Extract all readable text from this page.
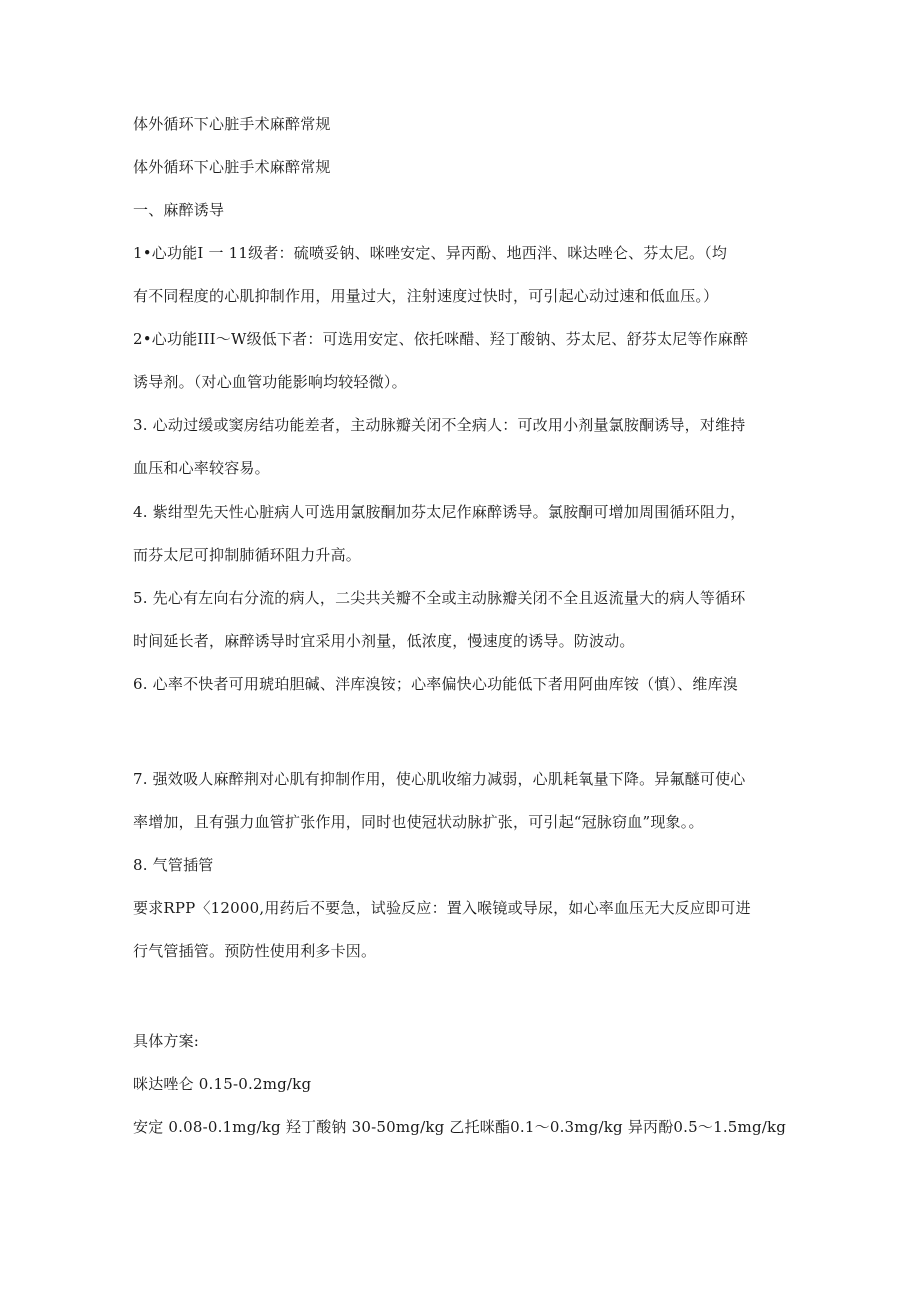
体外循环下心脏手术麻醉常规
体外循环下心脏手术麻醉常规
一、麻醉诱导
1•心功能I 一 11级者：硫喷妥钠、咪唑安定、异丙酚、地西泮、咪达唑仑、芬太尼。（均
有不同程度的心肌抑制作用，用量过大，注射速度过快时，可引起心动过速和低血压。）
2•心功能III〜W级低下者：可选用安定、依托咪醋、羟丁酸钠、芬太尼、舒芬太尼等作麻醉
诱导剂。（对心血管功能影响均较轻微）。
3. 心动过缓或窦房结功能差者，主动脉瓣关闭不全病人：可改用小剂量氯胺酮诱导，对维持
血压和心率较容易。
4. 紫绀型先天性心脏病人可选用氯胺酮加芬太尼作麻醉诱导。氯胺酮可增加周围循环阻力，
而芬太尼可抑制肺循环阻力升高。
5. 先心有左向右分流的病人，二尖共关瓣不全或主动脉瓣关闭不全且返流量大的病人等循环
时间延长者，麻醉诱导时宜采用小剂量，低浓度，慢速度的诱导。防波动。
6. 心率不快者可用琥珀胆碱、泮库溴铵；心率偏快心功能低下者用阿曲库铵（慎）、维库溴
7. 强效吸人麻醉荆对心肌有抑制作用，使心肌收缩力减弱，心肌耗氧量下降。异氟醚可使心
率增加，且有强力血管扩张作用，同时也使冠状动脉扩张，可引起“冠脉窃血”现象。。
8. 气管插管
要求RPP〈12000,用药后不要急，试验反应：置入喉镜或导尿，如心率血压无大反应即可进
行气管插管。预防性使用利多卡因。
具体方案:
咪达唑仑 0.15-0.2mg/kg
安定 0.08-0.1mg/kg 羟丁酸钠 30-50mg/kg 乙托咪酯0.1〜0.3mg/kg 异丙酚0.5〜1.5mg/kg
